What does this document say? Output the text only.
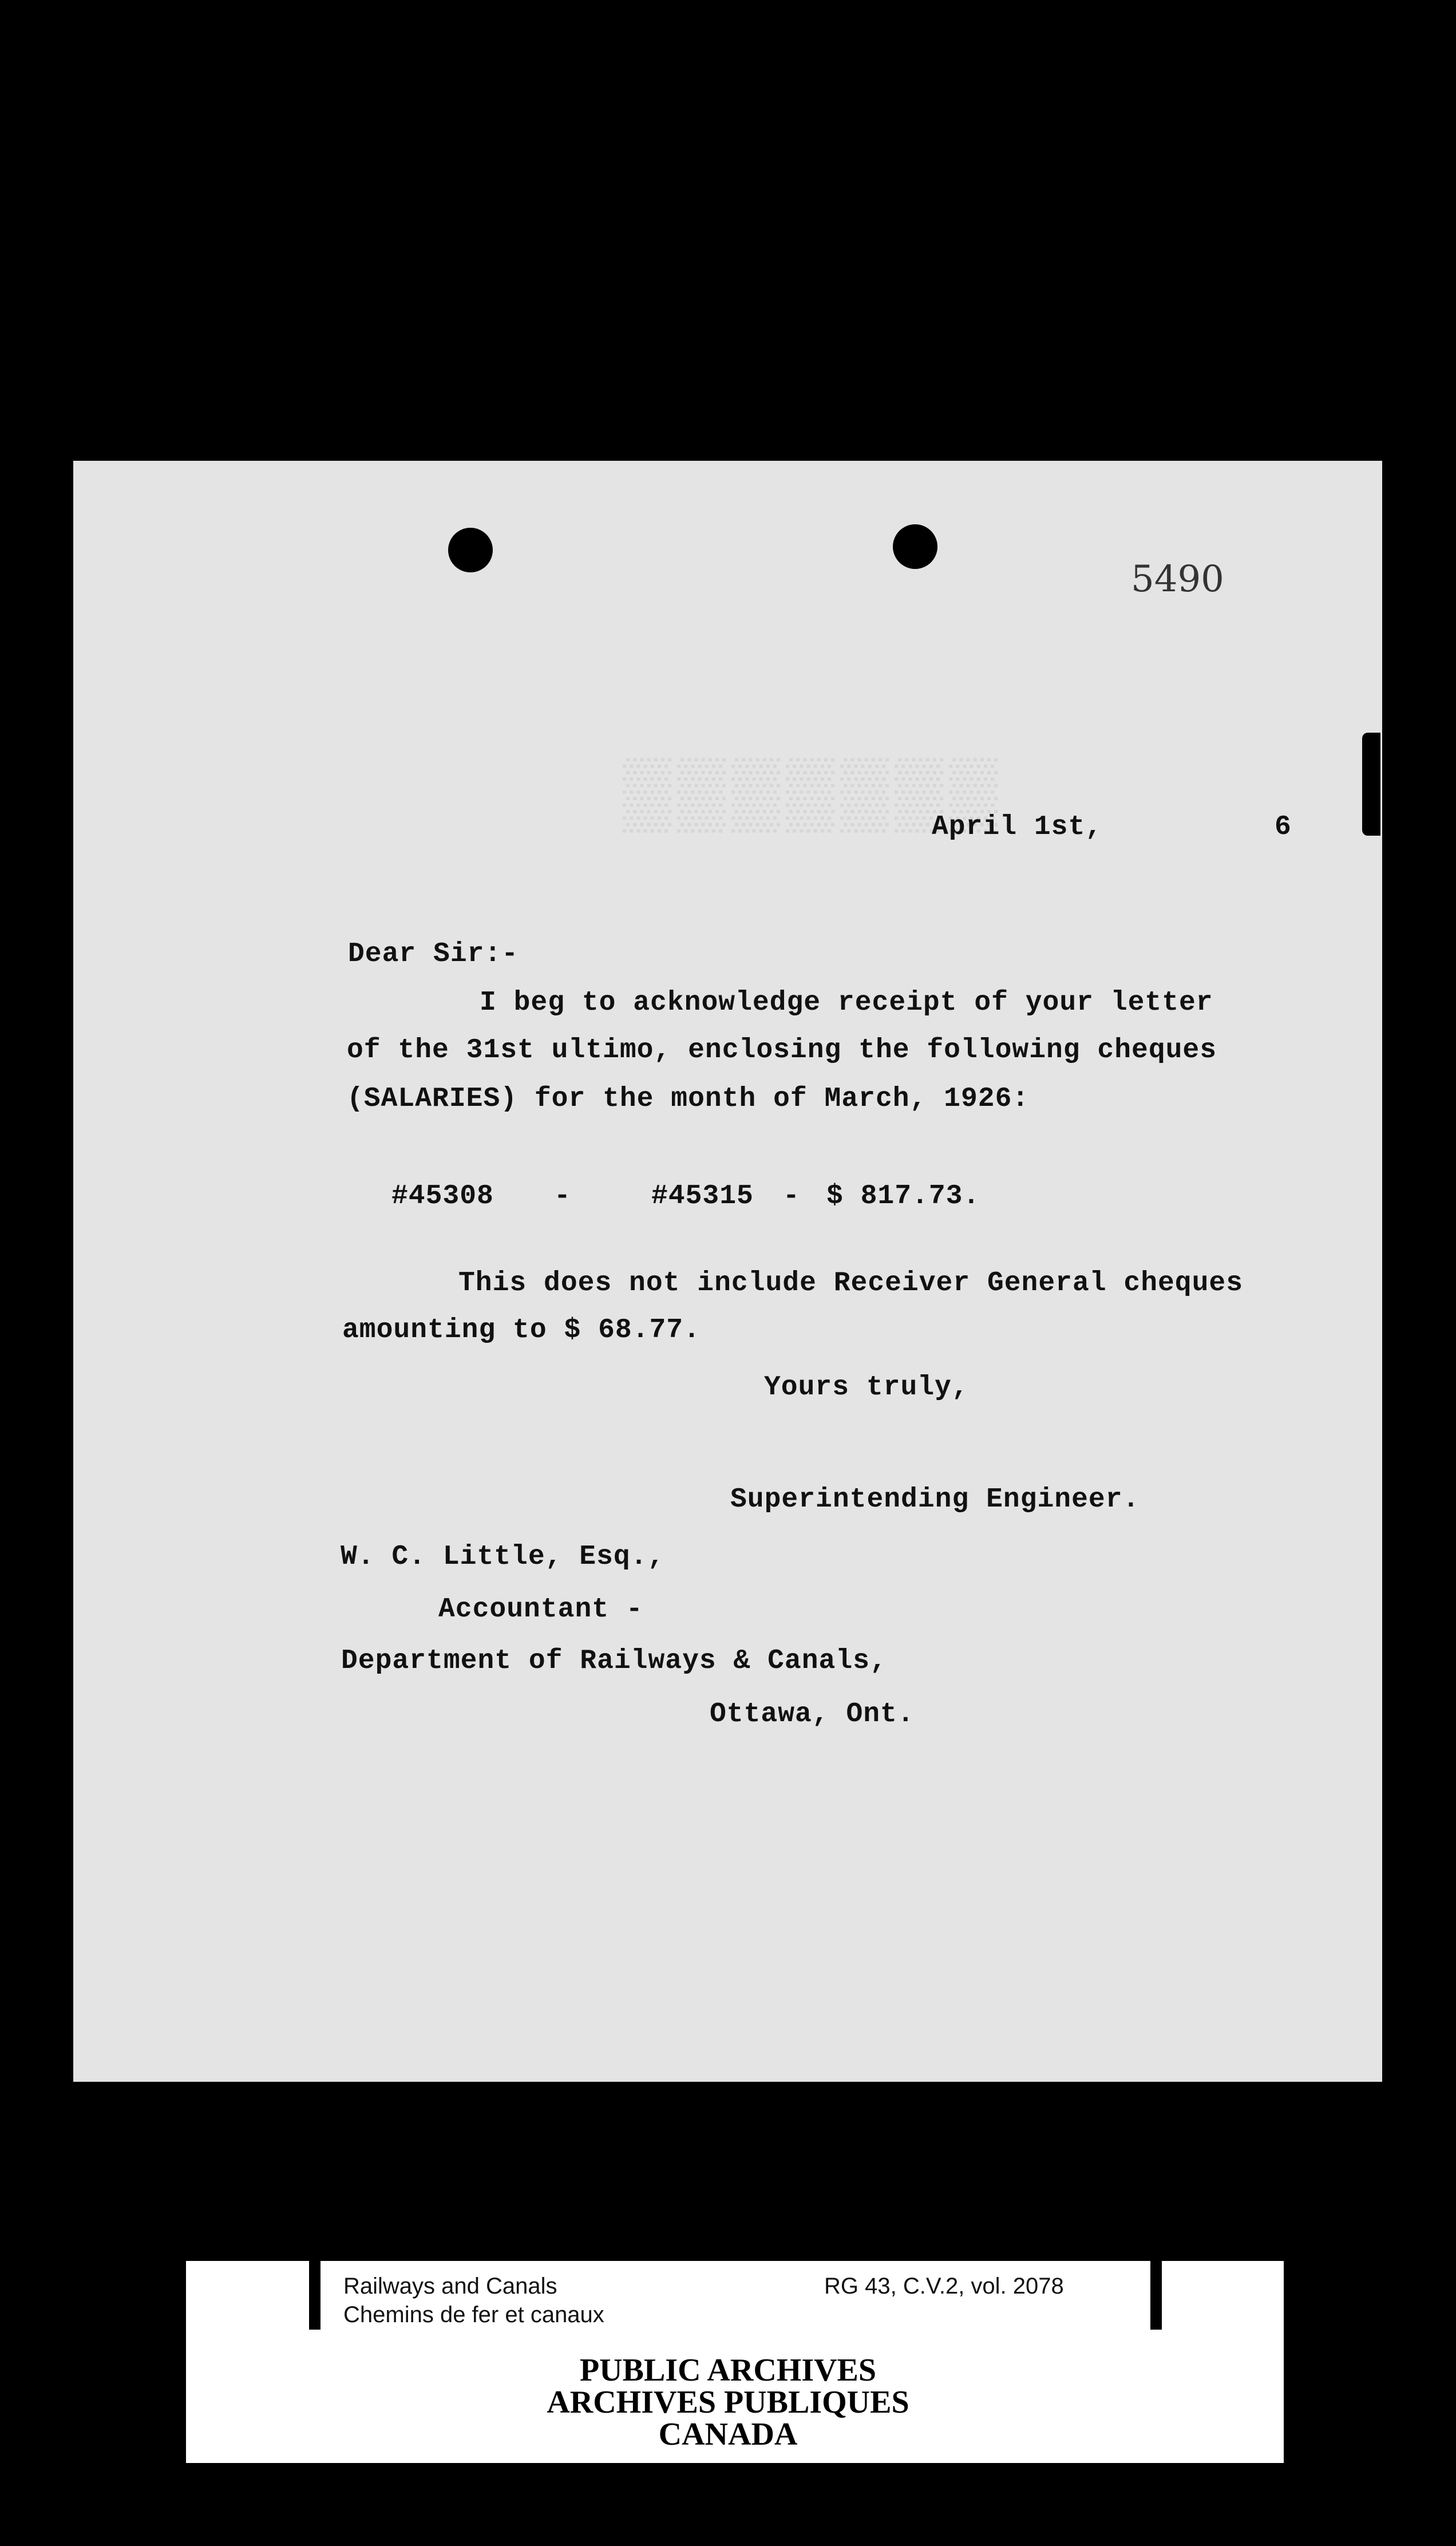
▒▒▒▒▒▒▒
5490
April 1st,	6
Dear Sir:-
I beg to acknowledge receipt of your letter
of the 31st ultimo, enclosing the following cheques
(SALARIES) for the month of March, 1926:
#45308 -	#45315 - $ 817.73.
This does not include Receiver General cheques
amounting to $ 68.77.
Yours truly,
Superintending Engineer.
W. C. Little, Esq.,
Accountant -
Department of Railways & Canals,
Ottawa, Ont.
Railways and Canals
Chemins de fer et canaux
RG 43, C.V.2, vol. 2078
PUBLIC ARCHIVES
ARCHIVES PUBLIQUES
CANADA
